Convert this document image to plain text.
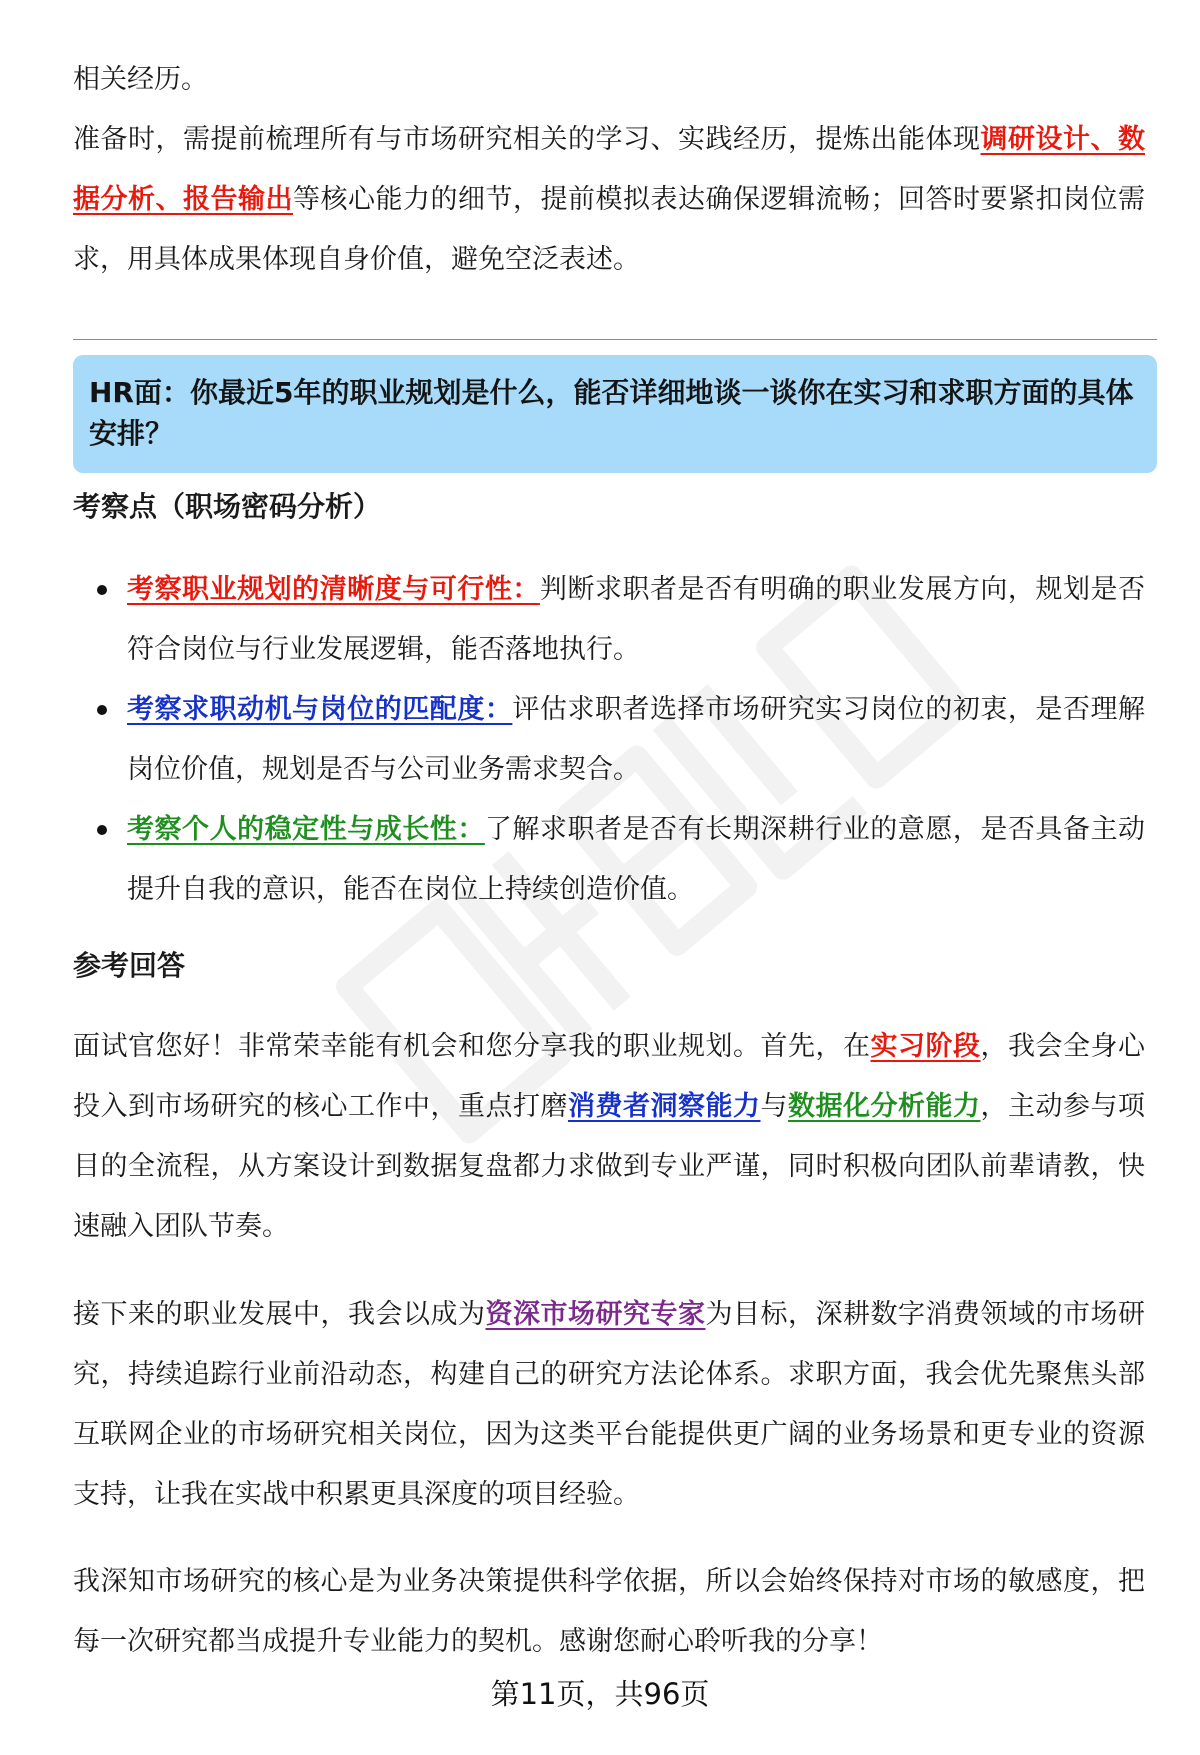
相关经历。

准备时，需提前梳理所有与市场研究相关的学习、实践经历，提炼出能体现调研设计、数据分析、报告输出等核心能力的细节，提前模拟表达确保逻辑流畅；回答时要紧扣岗位需求，用具体成果体现自身价值，避免空泛表述。

HR面：你最近5年的职业规划是什么，能否详细地谈一谈你在实习和求职方面的具体安排？
考察点（职场密码分析）
考察职业规划的清晰度与可行性：判断求职者是否有明确的职业发展方向，规划是否符合岗位与行业发展逻辑，能否落地执行。
考察求职动机与岗位的匹配度：评估求职者选择市场研究实习岗位的初衷，是否理解岗位价值，规划是否与公司业务需求契合。
考察个人的稳定性与成长性：了解求职者是否有长期深耕行业的意愿，是否具备主动提升自我的意识，能否在岗位上持续创造价值。
参考回答

面试官您好！非常荣幸能有机会和您分享我的职业规划。首先，在实习阶段，我会全身心投入到市场研究的核心工作中，重点打磨消费者洞察能力与数据化分析能力，主动参与项目的全流程，从方案设计到数据复盘都力求做到专业严谨，同时积极向团队前辈请教，快速融入团队节奏。

接下来的职业发展中，我会以成为资深市场研究专家为目标，深耕数字消费领域的市场研究，持续追踪行业前沿动态，构建自己的研究方法论体系。求职方面，我会优先聚焦头部互联网企业的市场研究相关岗位，因为这类平台能提供更广阔的业务场景和更专业的资源支持，让我在实战中积累更具深度的项目经验。

我深知市场研究的核心是为业务决策提供科学依据，所以会始终保持对市场的敏感度，把每一次研究都当成提升专业能力的契机。感谢您耐心聆听我的分享！

第11页，共96页
